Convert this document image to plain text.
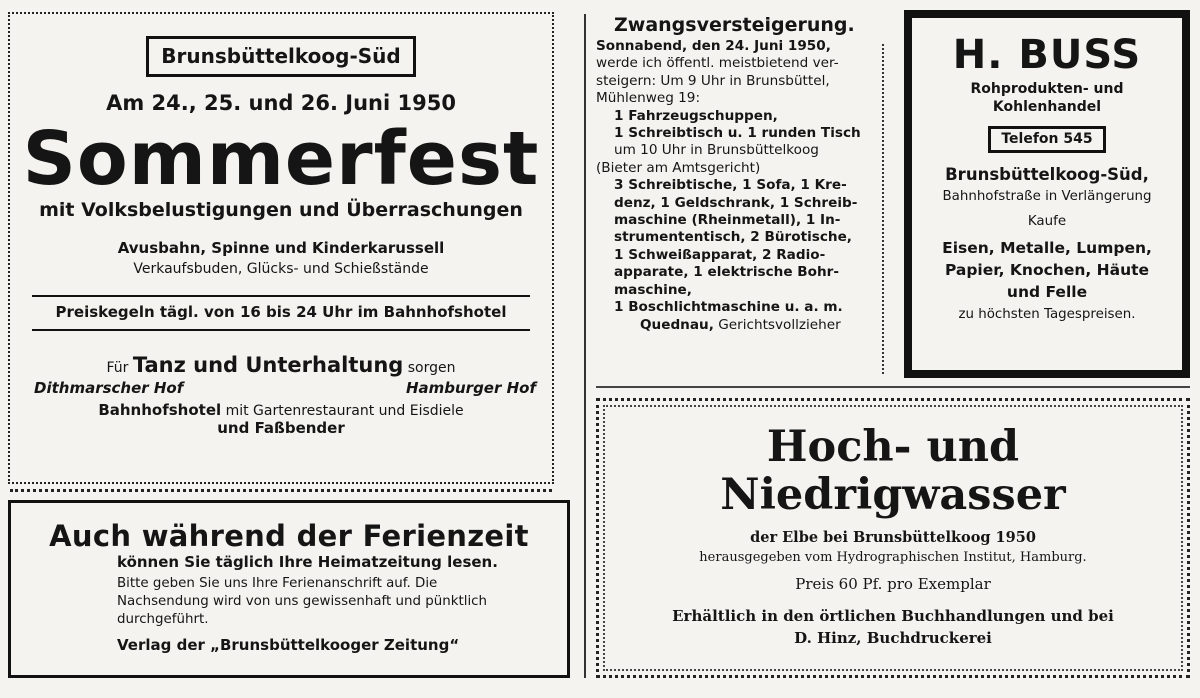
Brunsbüttelkoog-Süd
Am 24., 25. und 26. Juni 1950
Sommerfest
mit Volksbelustigungen und Überraschungen
Avusbahn, Spinne und Kinderkarussell
Verkaufsbuden, Glücks- und Schießstände
Preiskegeln tägl. von 16 bis 24 Uhr im Bahnhofshotel
Für Tanz und Unterhaltung sorgen
Dithmarscher Hof	Hamburger Hof
Bahnhofshotel mit Gartenrestaurant und Eisdiele
und Faßbender
Auch während der Ferienzeit
können Sie täglich Ihre Heimatzeitung lesen.
Bitte geben Sie uns Ihre Ferienanschrift auf. Die
Nachsendung wird von uns gewissenhaft und pünktlich
durchgeführt.
Verlag der „Brunsbüttelkooger Zeitung“
Zwangsversteigerung.
Sonnabend, den 24. Juni 1950,
werde ich öffentl. meistbietend ver-
steigern: Um 9 Uhr in Brunsbüttel,
Mühlenweg 19:
1 Fahrzeugschuppen,
1 Schreibtisch u. 1 runden Tisch
um 10 Uhr in Brunsbüttelkoog
(Bieter am Amtsgericht)
3 Schreibtische, 1 Sofa, 1 Kre-
denz, 1 Geldschrank, 1 Schreib-
maschine (Rheinmetall), 1 In-
strumententisch, 2 Bürotische,
1 Schweißapparat, 2 Radio-
apparate, 1 elektrische Bohr-
maschine,
1 Boschlichtmaschine u. a. m.
Quednau, Gerichtsvollzieher
H. BUSS
Rohprodukten- und
Kohlenhandel
Telefon 545
Brunsbüttelkoog-Süd,
Bahnhofstraße in Verlängerung
Kaufe
Eisen, Metalle, Lumpen,
Papier, Knochen, Häute
und Felle
zu höchsten Tagespreisen.
Hoch- und
Niedrigwasser
der Elbe bei Brunsbüttelkoog 1950
herausgegeben vom Hydrographischen Institut, Hamburg.
Preis 60 Pf. pro Exemplar
Erhältlich in den örtlichen Buchhandlungen und bei
D. Hinz, Buchdruckerei
